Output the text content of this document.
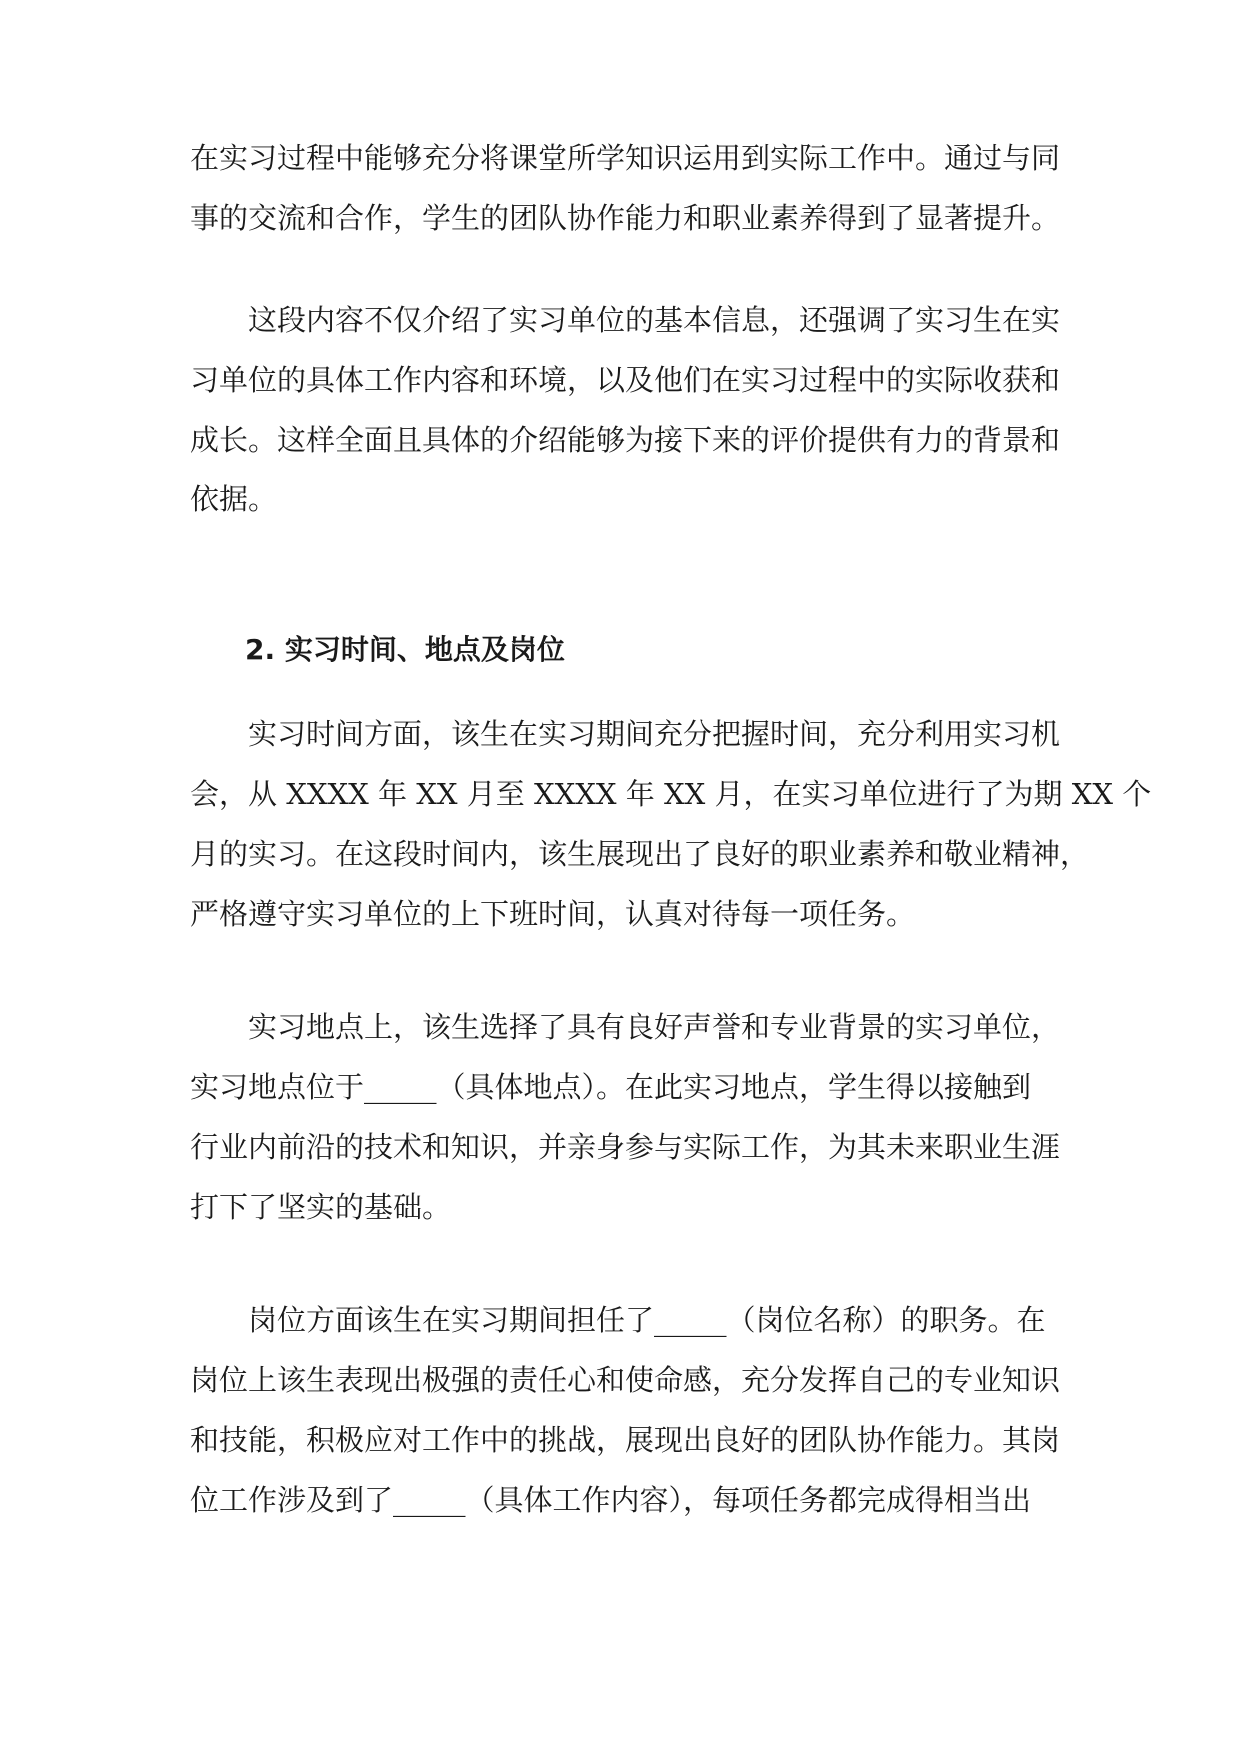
在实习过程中能够充分将课堂所学知识运用到实际工作中。通过与同
事的交流和合作，学生的团队协作能力和职业素养得到了显著提升。
这段内容不仅介绍了实习单位的基本信息，还强调了实习生在实
习单位的具体工作内容和环境，以及他们在实习过程中的实际收获和
成长。这样全面且具体的介绍能够为接下来的评价提供有力的背景和
依据。
2. 实习时间、地点及岗位
实习时间方面，该生在实习期间充分把握时间，充分利用实习机
会，从 XXXX 年 XX 月至 XXXX 年 XX 月，在实习单位进行了为期 XX 个
月的实习。在这段时间内，该生展现出了良好的职业素养和敬业精神，
严格遵守实习单位的上下班时间，认真对待每一项任务。
实习地点上，该生选择了具有良好声誉和专业背景的实习单位，
实习地点位于_____（具体地点）。在此实习地点，学生得以接触到
行业内前沿的技术和知识，并亲身参与实际工作，为其未来职业生涯
打下了坚实的基础。
岗位方面该生在实习期间担任了_____（岗位名称）的职务。在
岗位上该生表现出极强的责任心和使命感，充分发挥自己的专业知识
和技能，积极应对工作中的挑战，展现出良好的团队协作能力。其岗
位工作涉及到了_____（具体工作内容），每项任务都完成得相当出
